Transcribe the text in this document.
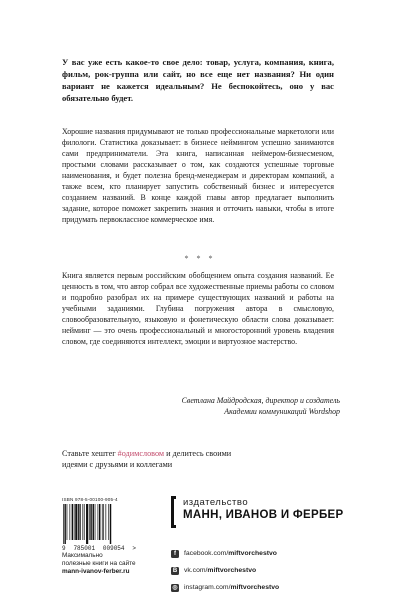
У вас уже есть какое-то свое дело: товар, услуга, компания, книга, фильм, рок-группа или сайт, но все еще нет названия? Ни один вариант не кажется идеальным? Не беспокойтесь, оно у вас обязательно будет.

Хорошие названия придумывают не только профессиональные маркетологи или филологи. Статистика доказывает: в бизнесе неймингом успешно занимаются сами предприниматели. Эта книга, написанная неймером-бизнесменом, простыми словами рассказывает о том, как создаются успешные торговые наименования, и будет полезна бренд-менеджерам и директорам компаний, а также всем, кто планирует запустить собственный бизнес и интересуется созданием названий. В конце каждой главы автор предлагает выполнить задание, которое поможет закрепить знания и отточить навыки, чтобы в итоге придумать первоклассное коммерческое имя.

* * *

Книга является первым российским обобщением опыта создания названий. Ее ценность в том, что автор собрал все художественные приемы работы со словом и подробно разобрал их на примере существующих названий и работы на учебными заданиями. Глубина погружения автора в смысловую, словообразовательную, языковую и фонетическую области слова доказывает: нейминг — это очень профессиональный и многосторонний уровень владения словом, где соединяются интеллект, эмоции и виртуозное мастерство.

Светлана Майдродская, директор и создатель
Академии коммуникаций Wordshop

Ставьте хештег #одимсловом и делитесь своими идеями с друзьями и коллегами

ISBN 978-5-00100-905-4
9 785001 009054 >
Максимально
полезные книги на сайте
mann-ivanov-ferber.ru
издательство
МАНН, ИВАНОВ И ФЕРБЕР
f	facebook.com/miftvorchestvo
B vk.com/miftvorchestvo
◎ instagram.com/miftvorchestvo
